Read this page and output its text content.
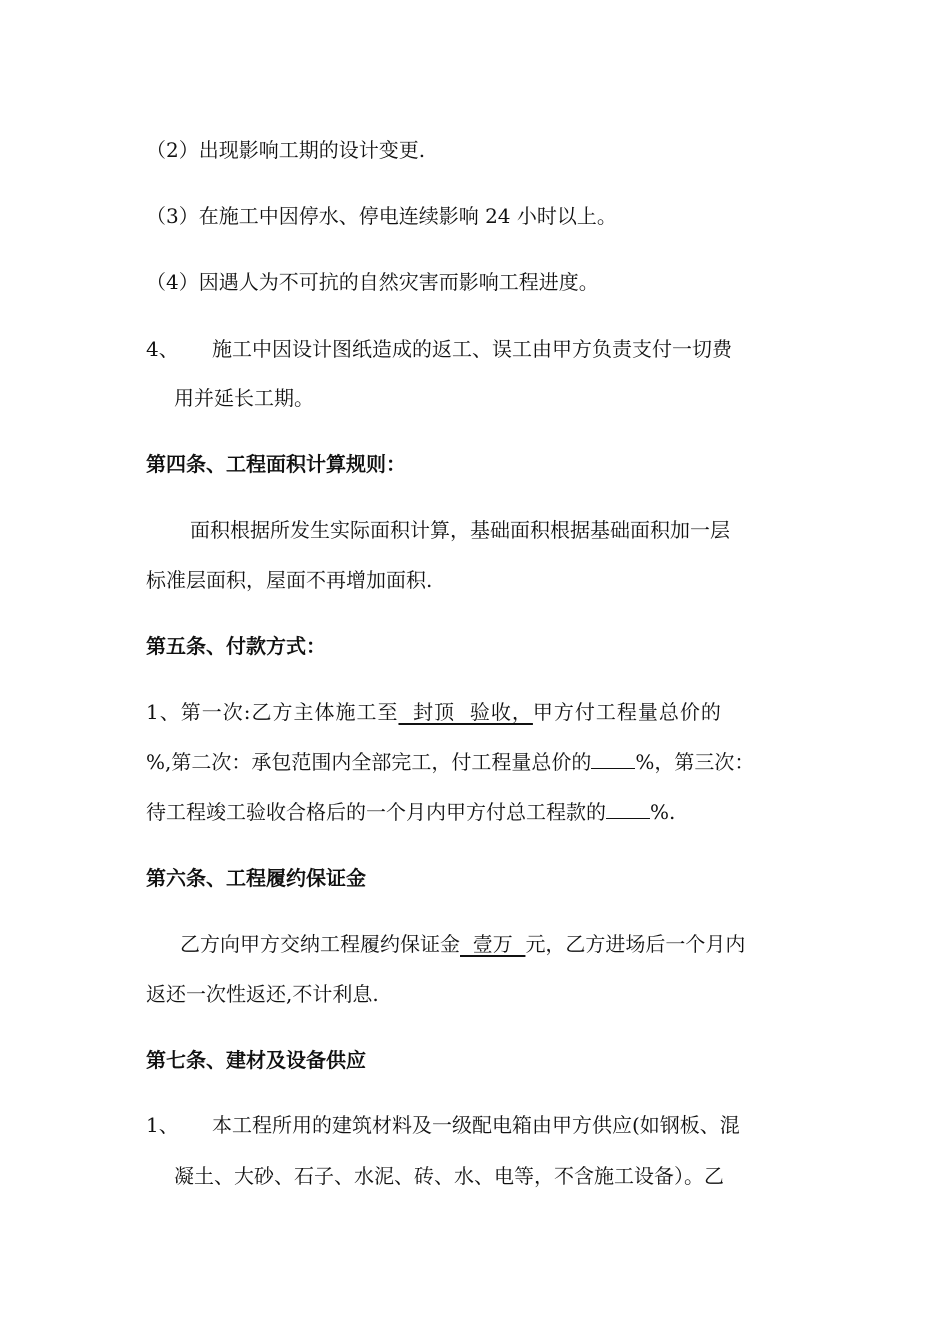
（2）出现影响工期的设计变更.
（3）在施工中因停水、停电连续影响 24 小时以上。
（4）因遇人为不可抗的自然灾害而影响工程进度。
4、 施工中因设计图纸造成的返工、误工由甲方负责支付一切费
用并延长工期。
第四条、工程面积计算规则：
面积根据所发生实际面积计算，基础面积根据基础面积加一层
标准层面积，屋面不再增加面积.
第五条、付款方式：
1、第一次:乙方主体施工至  封顶  验收，甲方付工程量总价的
%,第二次：承包范围内全部完工，付工程量总价的 %，第三次：
待工程竣工验收合格后的一个月内甲方付总工程款的 %.
第六条、工程履约保证金
乙方向甲方交纳工程履约保证金  壹万  元，乙方进场后一个月内
返还一次性返还,不计利息.
第七条、建材及设备供应
1、 本工程所用的建筑材料及一级配电箱由甲方供应(如钢板、混
凝土、大砂、石子、水泥、砖、水、电等，不含施工设备）。乙
